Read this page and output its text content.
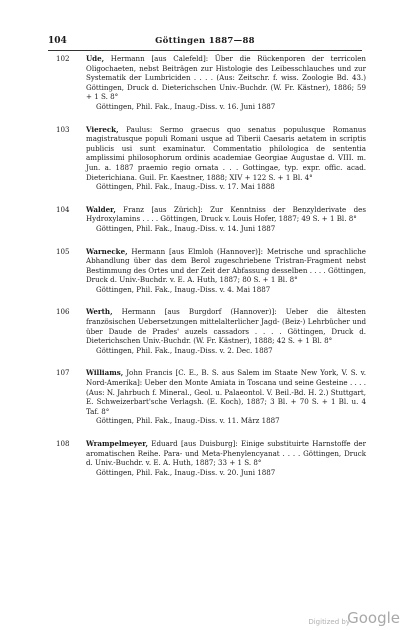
104	Göttingen 1887—88
102 Ude, Hermann [aus Calefeld]: Über die Rückenporen der terricolen Oligochaeten, nebst Beiträgen zur Histologie des Leibesschlauches und zur Systematik der Lumbriciden . . . . (Aus: Zeitschr. f. wiss. Zoologie Bd. 43.) Göttingen, Druck d. Dieterichschen Univ.-Buchdr. (W. Fr. Kästner), 1886; 59 + 1 S. 8°
Göttingen, Phil. Fak., Inaug.-Diss. v. 16. Juni 1887
103 Viereck, Paulus: Sermo graecus quo senatus populusque Romanus magistratusque populi Romani usque ad Tiberii Caesaris aetatem in scriptis publicis usi sunt examinatur. Commentatio philologica de sententia amplissimi philosophorum ordinis academiae Georgiae Augustae d. VIII. m. Jun. a. 1887 praemio regio ornata . . . Gottingae, typ. expr. offic. acad. Dieterichiana. Guil. Fr. Kaestner, 1888; XIV + 122 S. + 1 Bl. 4°
Göttingen, Phil. Fak., Inaug.-Diss. v. 17. Mai 1888
104 Walder, Franz [aus Zürich]: Zur Kenntniss der Benzylderivate des Hydroxylamins . . . . Göttingen, Druck v. Louis Hofer, 1887; 49 S. + 1 Bl. 8°
Göttingen, Phil. Fak., Inaug.-Diss. v. 14. Juni 1887
105 Warnecke, Hermann [aus Elmloh (Hannover)]: Metrische und sprachliche Abhandlung über das dem Berol zugeschriebene Tristran-Fragment nebst Bestimmung des Ortes und der Zeit der Abfassung desselben . . . . Göttingen, Druck d. Univ.-Buchdr. v. E. A. Huth, 1887; 80 S. + 1 Bl. 8°
Göttingen, Phil. Fak., Inaug.-Diss. v. 4. Mai 1887
106 Werth, Hermann [aus Burgdorf (Hannover)]: Ueber die ältesten französischen Uebersetzungen mittelalterlicher Jagd- (Beiz-) Lehrbücher und über Daude de Prades' auzels cassadors . . . . Göttingen, Druck d. Dieterichschen Univ.-Buchdr. (W. Fr. Kästner), 1888; 42 S. + 1 Bl. 8°
Göttingen, Phil. Fak., Inaug.-Diss. v. 2. Dec. 1887
107 Williams, John Francis [C. E., B. S. aus Salem im Staate New York, V. S. v. Nord-Amerika]: Ueber den Monte Amiata in Toscana und seine Gesteine . . . . (Aus: N. Jahrbuch f. Mineral., Geol. u. Palaeontol. V. Beil.-Bd. H. 2.) Stuttgart, E. Schweizerbart'sche Verlagsh. (E. Koch), 1887; 3 Bl. + 70 S. + 1 Bl. u. 4 Taf. 8°
Göttingen, Phil. Fak., Inaug.-Diss. v. 11. März 1887
108 Wrampelmeyer, Eduard [aus Duisburg]: Einige substituirte Harnstoffe der aromatischen Reihe. Para- und Meta-Phenylencyanat . . . . Göttingen, Druck d. Univ.-Buchdr. v. E. A. Huth, 1887; 33 + 1 S. 8°
Göttingen, Phil. Fak., Inaug.-Diss. v. 20. Juni 1887
Digitized by
Google
